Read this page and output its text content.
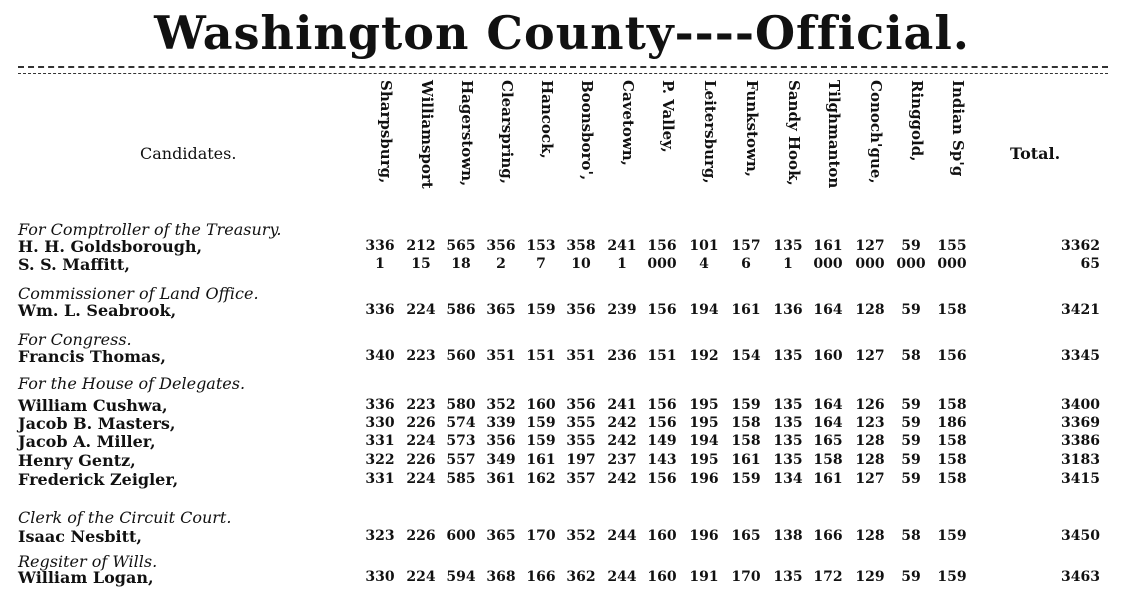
Washington County----Official.
Candidates.	Total.
Sharpsburg, Williamsport Hagerstown, Clearspring, Hancock, Boonsboro', Cavetown, P. Valley, Leitersburg, Funkstown, Sandy Hook, Tilghmanton Conoch'gue, Ringgold, Indian Sp'g
For Comptroller of the Treasury.
H. H. Goldsborough,	336 212 565 356 153 358 241 156 101 157 135 161 127	59	155	3362
S. S. Maffitt,	1	15	18	2	7	10	1	000	4	6	1	000 000 000 000	65
Commissioner of Land Office.
Wm. L. Seabrook,	336 224 586 365 159 356 239 156 194 161 136 164 128	59	158	3421
For Congress.
Francis Thomas,	340 223 560 351 151 351 236 151 192 154 135 160 127	58	156	3345
For the House of Delegates.
William Cushwa,	336 223 580 352 160 356 241 156 195 159 135 164 126	59	158	3400
Jacob B. Masters,	330 226 574 339 159 355 242 156 195 158 135 164 123	59	186	3369
Jacob A. Miller,	331 224 573 356 159 355 242 149 194 158 135 165 128	59	158	3386
Henry Gentz,	322 226 557 349 161 197 237 143 195 161 135 158 128	59	158	3183
Frederick Zeigler,	331 224 585 361 162 357 242 156 196 159 134 161 127	59	158	3415
Clerk of the Circuit Court.
Isaac Nesbitt,	323 226 600 365 170 352 244 160 196 165 138 166 128	58	159	3450
Regsiter of Wills.
William Logan,	330 224 594 368 166 362 244 160 191 170 135 172 129	59	159	3463
